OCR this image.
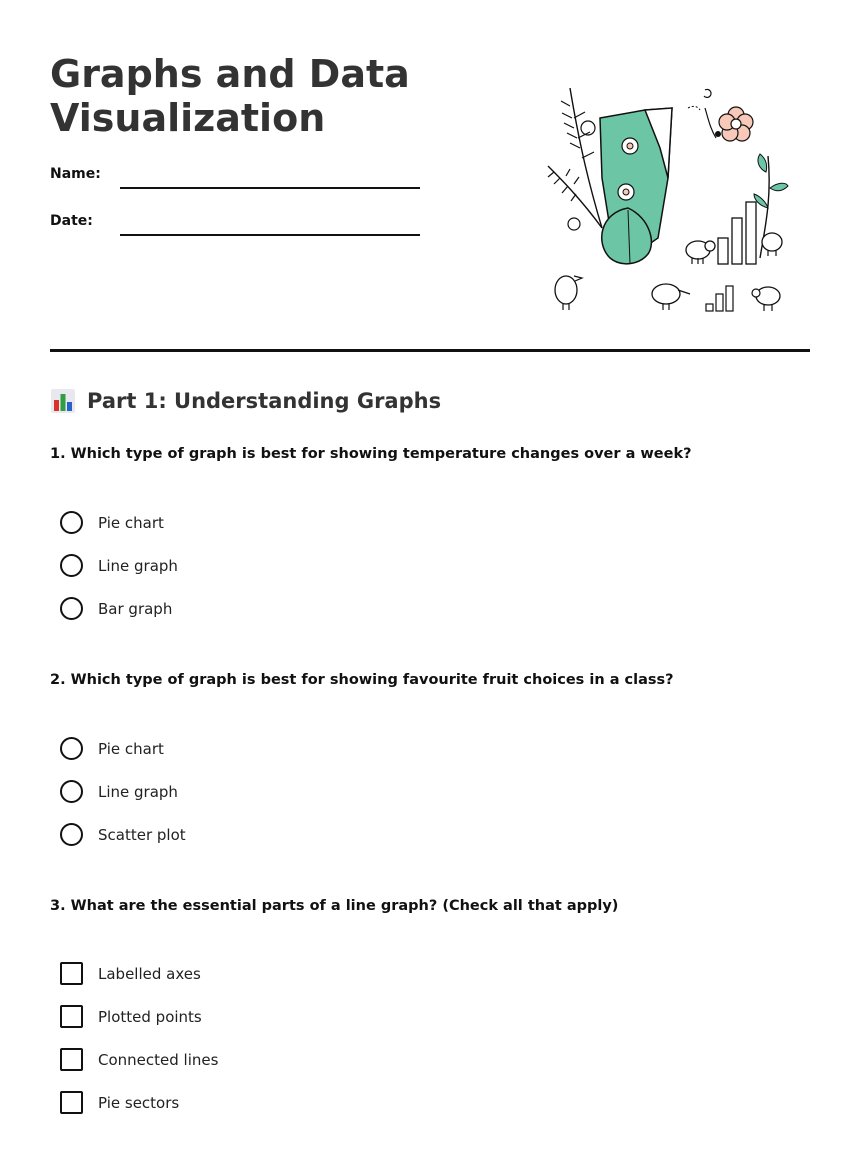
Graphs and Data
Visualization
Name:
Date:
Part 1: Understanding Graphs
1. Which type of graph is best for showing temperature changes over a week?
Pie chart
Line graph
Bar graph
2. Which type of graph is best for showing favourite fruit choices in a class?
Pie chart
Line graph
Scatter plot
3. What are the essential parts of a line graph? (Check all that apply)
Labelled axes
Plotted points
Connected lines
Pie sectors
